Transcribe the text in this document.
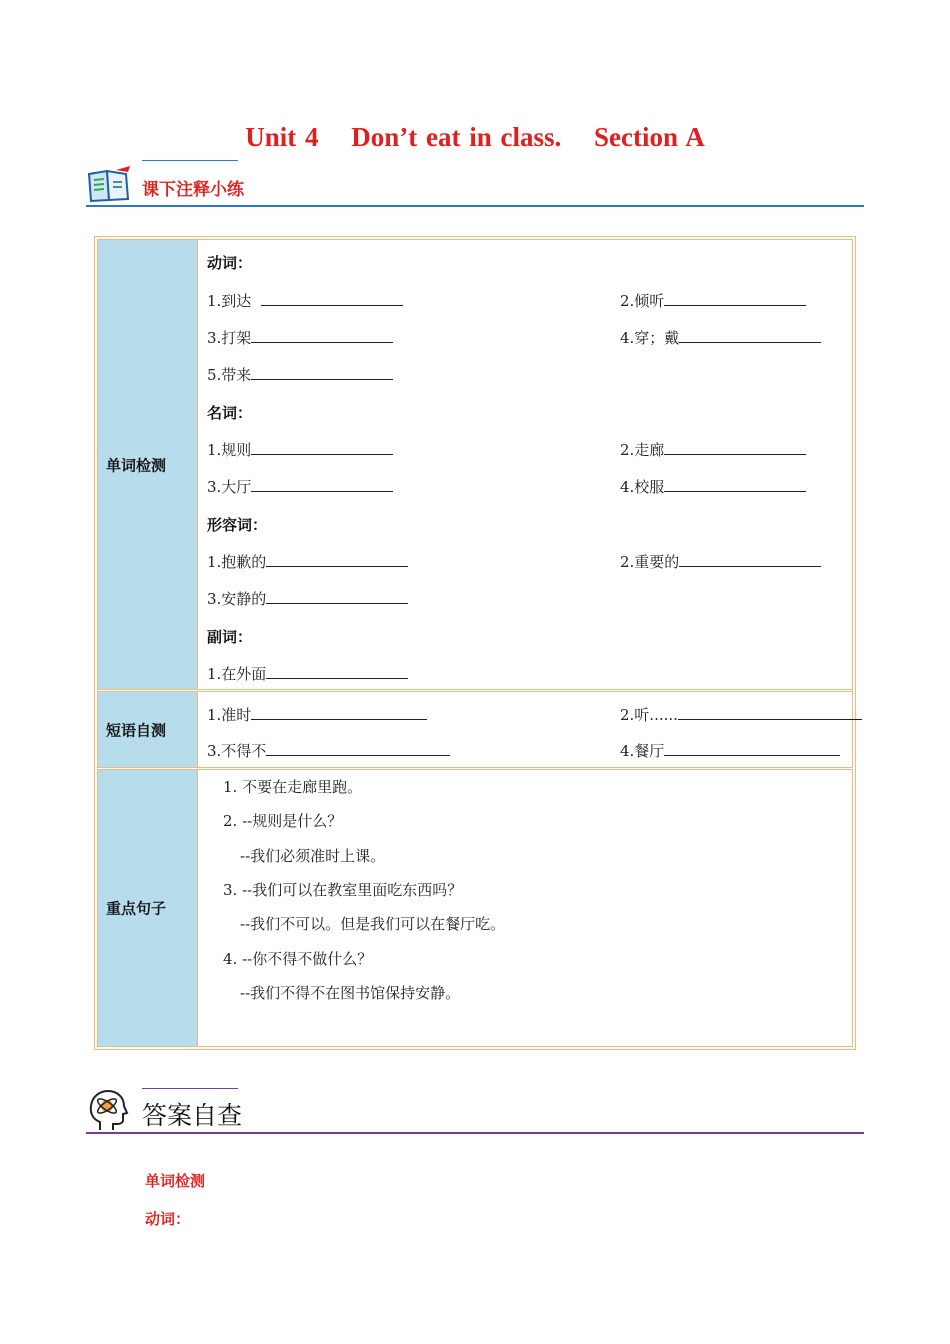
Unit 4 Don’t eat in class. Section A
课下注释小练
单词检测
动词：
1.到达	2.倾听
3.打架	4.穿；戴
5.带来
名词：
1.规则	2.走廊
3.大厅	4.校服
形容词：
1.抱歉的	2.重要的
3.安静的
副词：
1.在外面
短语自测
1.准时	2.听......
3.不得不	4.餐厅
重点句子
1. 不要在走廊里跑。
2. --规则是什么？
--我们必须准时上课。
3. --我们可以在教室里面吃东西吗？
--我们不可以。但是我们可以在餐厅吃。
4. --你不得不做什么？
--我们不得不在图书馆保持安静。
答案自查
单词检测
动词：
